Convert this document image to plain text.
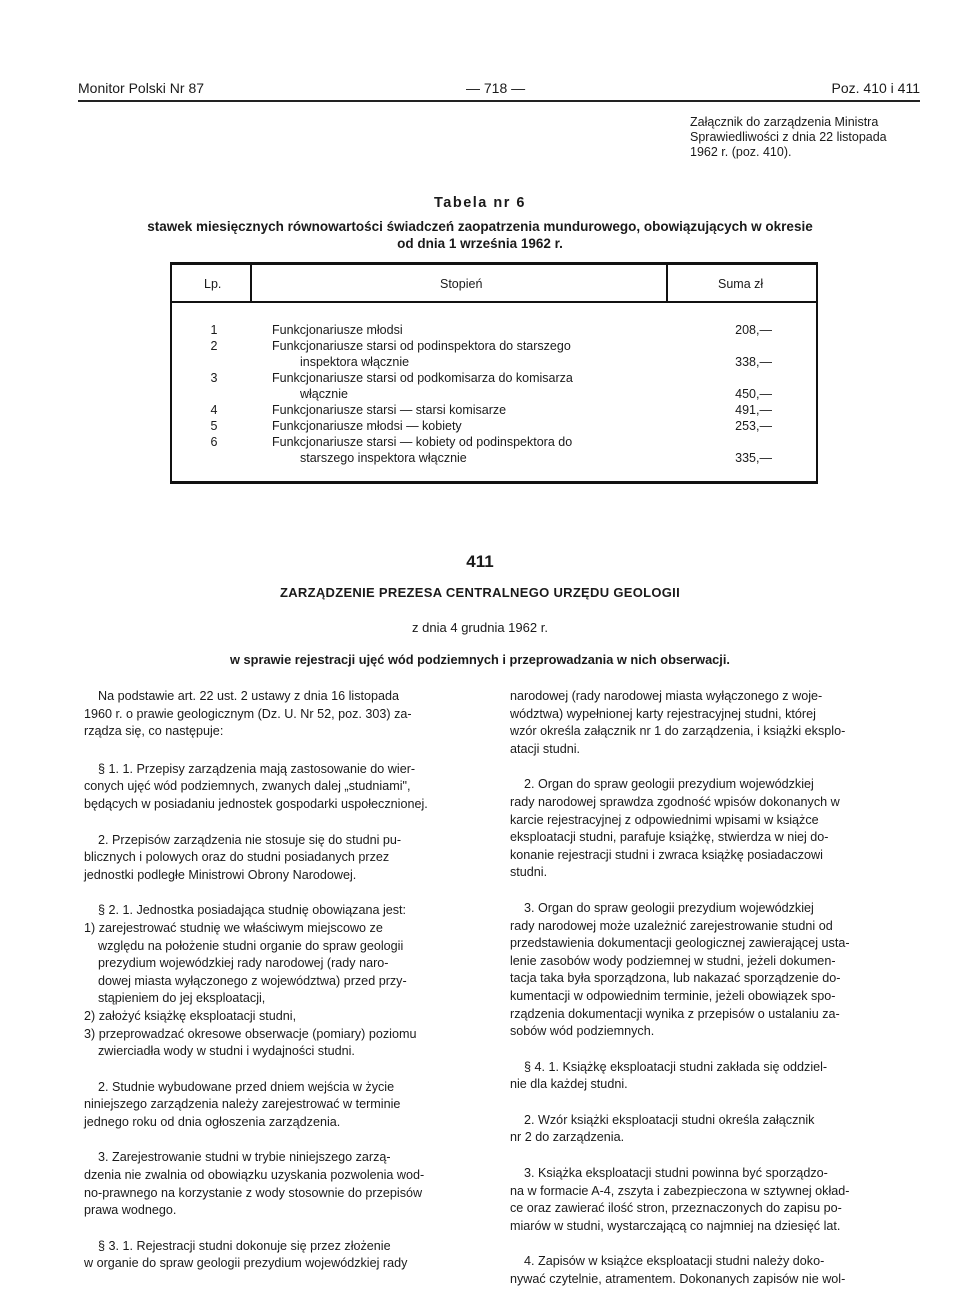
Monitor Polski Nr 87	— 718 —	Poz. 410 i 411
Załącznik do zarządzenia Ministra
Sprawiedliwości z dnia 22 listopada
1962 r. (poz. 410).
Tabela nr 6
stawek miesięcznych równowartości świadczeń zaopatrzenia mundurowego, obowiązujących w okresie
od dnia 1 września 1962 r.
Lp.	Stopień	Suma zł
1	Funkcjonariusze młodsi	208,—
2	Funkcjonariusze starsi od podinspektora do starszego
inspektora włącznie	338,—
3	Funkcjonariusze starsi od podkomisarza do komisarza
włącznie	450,—
4	Funkcjonariusze starsi — starsi komisarze	491,—
5	Funkcjonariusze młodsi — kobiety	253,—
6	Funkcjonariusze starsi — kobiety od podinspektora do
starszego inspektora włącznie	335,—
411
ZARZĄDZENIE PREZESA CENTRALNEGO URZĘDU GEOLOGII
z dnia 4 grudnia 1962 r.
w sprawie rejestracji ujęć wód podziemnych i przeprowadzania w nich obserwacji.
Na podstawie art. 22 ust. 2 ustawy z dnia 16 listopada
1960 r. o prawie geologicznym (Dz. U. Nr 52, poz. 303) za-
rządza się, co następuje:
§ 1. 1. Przepisy zarządzenia mają zastosowanie do wier-
conych ujęć wód podziemnych, zwanych dalej „studniami",
będących w posiadaniu jednostek gospodarki uspołecznionej.
2. Przepisów zarządzenia nie stosuje się do studni pu-
blicznych i polowych oraz do studni posiadanych przez
jednostki podległe Ministrowi Obrony Narodowej.
§ 2. 1. Jednostka posiadająca studnię obowiązana jest:
1) zarejestrować studnię we właściwym miejscowo ze
względu na położenie studni organie do spraw geologii
prezydium wojewódzkiej rady narodowej (rady naro-
dowej miasta wyłączonego z województwa) przed przy-
stąpieniem do jej eksploatacji,
2) założyć książkę eksploatacji studni,
3) przeprowadzać okresowe obserwacje (pomiary) poziomu
zwierciadła wody w studni i wydajności studni.
2. Studnie wybudowane przed dniem wejścia w życie
niniejszego zarządzenia należy zarejestrować w terminie
jednego roku od dnia ogłoszenia zarządzenia.
3. Zarejestrowanie studni w trybie niniejszego zarzą-
dzenia nie zwalnia od obowiązku uzyskania pozwolenia wod-
no-prawnego na korzystanie z wody stosownie do przepisów
prawa wodnego.
§ 3. 1. Rejestracji studni dokonuje się przez złożenie
w organie do spraw geologii prezydium wojewódzkiej rady
narodowej (rady narodowej miasta wyłączonego z woje-
wództwa) wypełnionej karty rejestracyjnej studni, której
wzór określa załącznik nr 1 do zarządzenia, i książki eksplo-
atacji studni.
2. Organ do spraw geologii prezydium wojewódzkiej
rady narodowej sprawdza zgodność wpisów dokonanych w
karcie rejestracyjnej z odpowiednimi wpisami w książce
eksploatacji studni, parafuje książkę, stwierdza w niej do-
konanie rejestracji studni i zwraca książkę posiadaczowi
studni.
3. Organ do spraw geologii prezydium wojewódzkiej
rady narodowej może uzależnić zarejestrowanie studni od
przedstawienia dokumentacji geologicznej zawierającej usta-
lenie zasobów wody podziemnej w studni, jeżeli dokumen-
tacja taka była sporządzona, lub nakazać sporządzenie do-
kumentacji w odpowiednim terminie, jeżeli obowiązek spo-
rządzenia dokumentacji wynika z przepisów o ustalaniu za-
sobów wód podziemnych.
§ 4. 1. Książkę eksploatacji studni zakłada się oddziel-
nie dla każdej studni.
2. Wzór książki eksploatacji studni określa załącznik
nr 2 do zarządzenia.
3. Książka eksploatacji studni powinna być sporządzo-
na w formacie A-4, zszyta i zabezpieczona w sztywnej okład-
ce oraz zawierać ilość stron, przeznaczonych do zapisu po-
miarów w studni, wystarczającą co najmniej na dziesięć lat.
4. Zapisów w książce eksploatacji studni należy doko-
nywać czytelnie, atramentem. Dokonanych zapisów nie wol-
